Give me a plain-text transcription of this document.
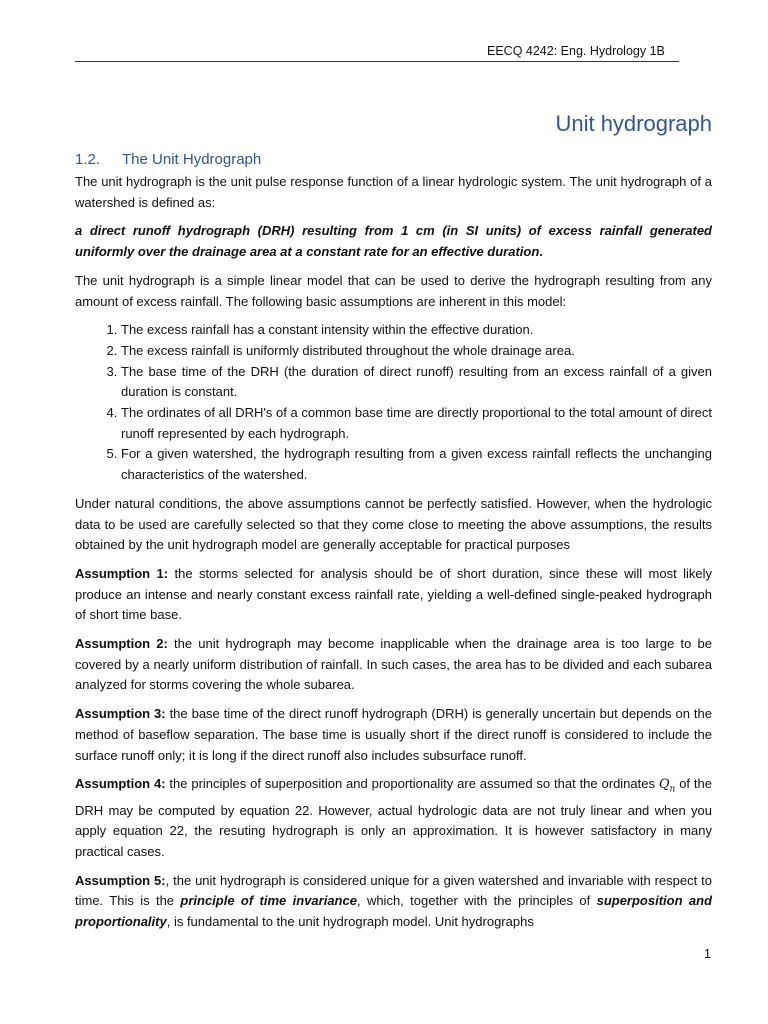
EECQ 4242: Eng. Hydrology 1B
Unit hydrograph
1.2. The Unit Hydrograph

The unit hydrograph is the unit pulse response function of a linear hydrologic system. The unit hydrograph of a watershed is defined as:

a direct runoff hydrograph (DRH) resulting from 1 cm (in SI units) of excess rainfall generated uniformly over the drainage area at a constant rate for an effective duration.

The unit hydrograph is a simple linear model that can be used to derive the hydrograph resulting from any amount of excess rainfall. The following basic assumptions are inherent in this model:

1. The excess rainfall has a constant intensity within the effective duration.
2. The excess rainfall is uniformly distributed throughout the whole drainage area.
3. The base time of the DRH (the duration of direct runoff) resulting from an excess rainfall of a given duration is constant.
4. The ordinates of all DRH's of a common base time are directly proportional to the total amount of direct runoff represented by each hydrograph.
5. For a given watershed, the hydrograph resulting from a given excess rainfall reflects the unchanging characteristics of the watershed.

Under natural conditions, the above assumptions cannot be perfectly satisfied. However, when the hydrologic data to be used are carefully selected so that they come close to meeting the above assumptions, the results obtained by the unit hydrograph model are generally acceptable for practical purposes

Assumption 1: the storms selected for analysis should be of short duration, since these will most likely produce an intense and nearly constant excess rainfall rate, yielding a well-defined single-peaked hydrograph of short time base.

Assumption 2: the unit hydrograph may become inapplicable when the drainage area is too large to be covered by a nearly uniform distribution of rainfall. In such cases, the area has to be divided and each subarea analyzed for storms covering the whole subarea.

Assumption 3: the base time of the direct runoff hydrograph (DRH) is generally uncertain but depends on the method of baseflow separation. The base time is usually short if the direct runoff is considered to include the surface runoff only; it is long if the direct runoff also includes subsurface runoff.

Assumption 4: the principles of superposition and proportionality are assumed so that the ordinates $Q_n$ of the DRH may be computed by equation 22. However, actual hydrologic data are not truly linear and when you apply equation 22, the resuting hydrograph is only an approximation. It is however satisfactory in many practical cases.

Assumption 5:, the unit hydrograph is considered unique for a given watershed and invariable with respect to time. This is the principle of time invariance, which, together with the principles of superposition and proportionality, is fundamental to the unit hydrograph model. Unit hydrographs

1
